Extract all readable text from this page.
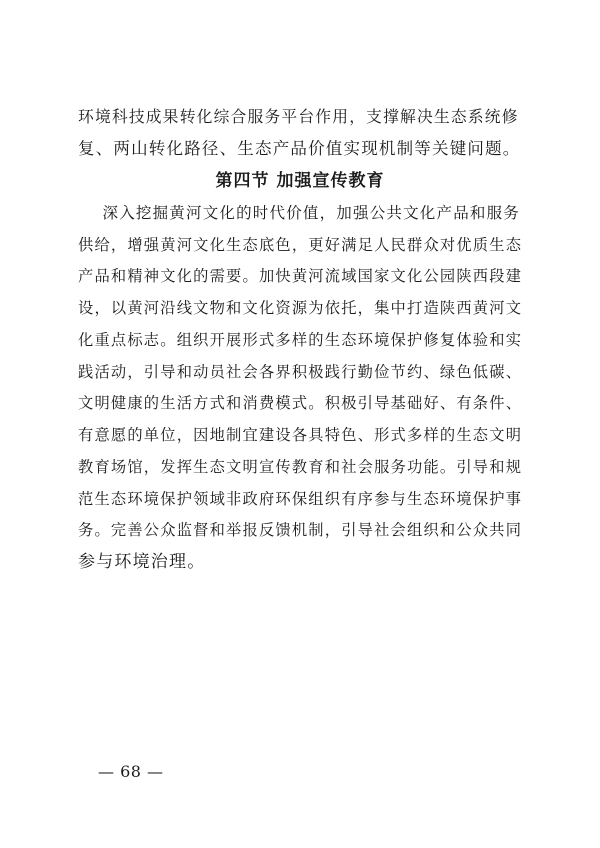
环境科技成果转化综合服务平台作用，支撑解决生态系统修
复、两山转化路径、生态产品价值实现机制等关键问题。
第四节 加强宣传教育
深入挖掘黄河文化的时代价值，加强公共文化产品和服务
供给，增强黄河文化生态底色，更好满足人民群众对优质生态
产品和精神文化的需要。加快黄河流域国家文化公园陕西段建
设，以黄河沿线文物和文化资源为依托，集中打造陕西黄河文
化重点标志。组织开展形式多样的生态环境保护修复体验和实
践活动，引导和动员社会各界积极践行勤俭节约、绿色低碳、
文明健康的生活方式和消费模式。积极引导基础好、有条件、
有意愿的单位，因地制宜建设各具特色、形式多样的生态文明
教育场馆，发挥生态文明宣传教育和社会服务功能。引导和规
范生态环境保护领域非政府环保组织有序参与生态环境保护事
务。完善公众监督和举报反馈机制，引导社会组织和公众共同
参与环境治理。
— 68 —
